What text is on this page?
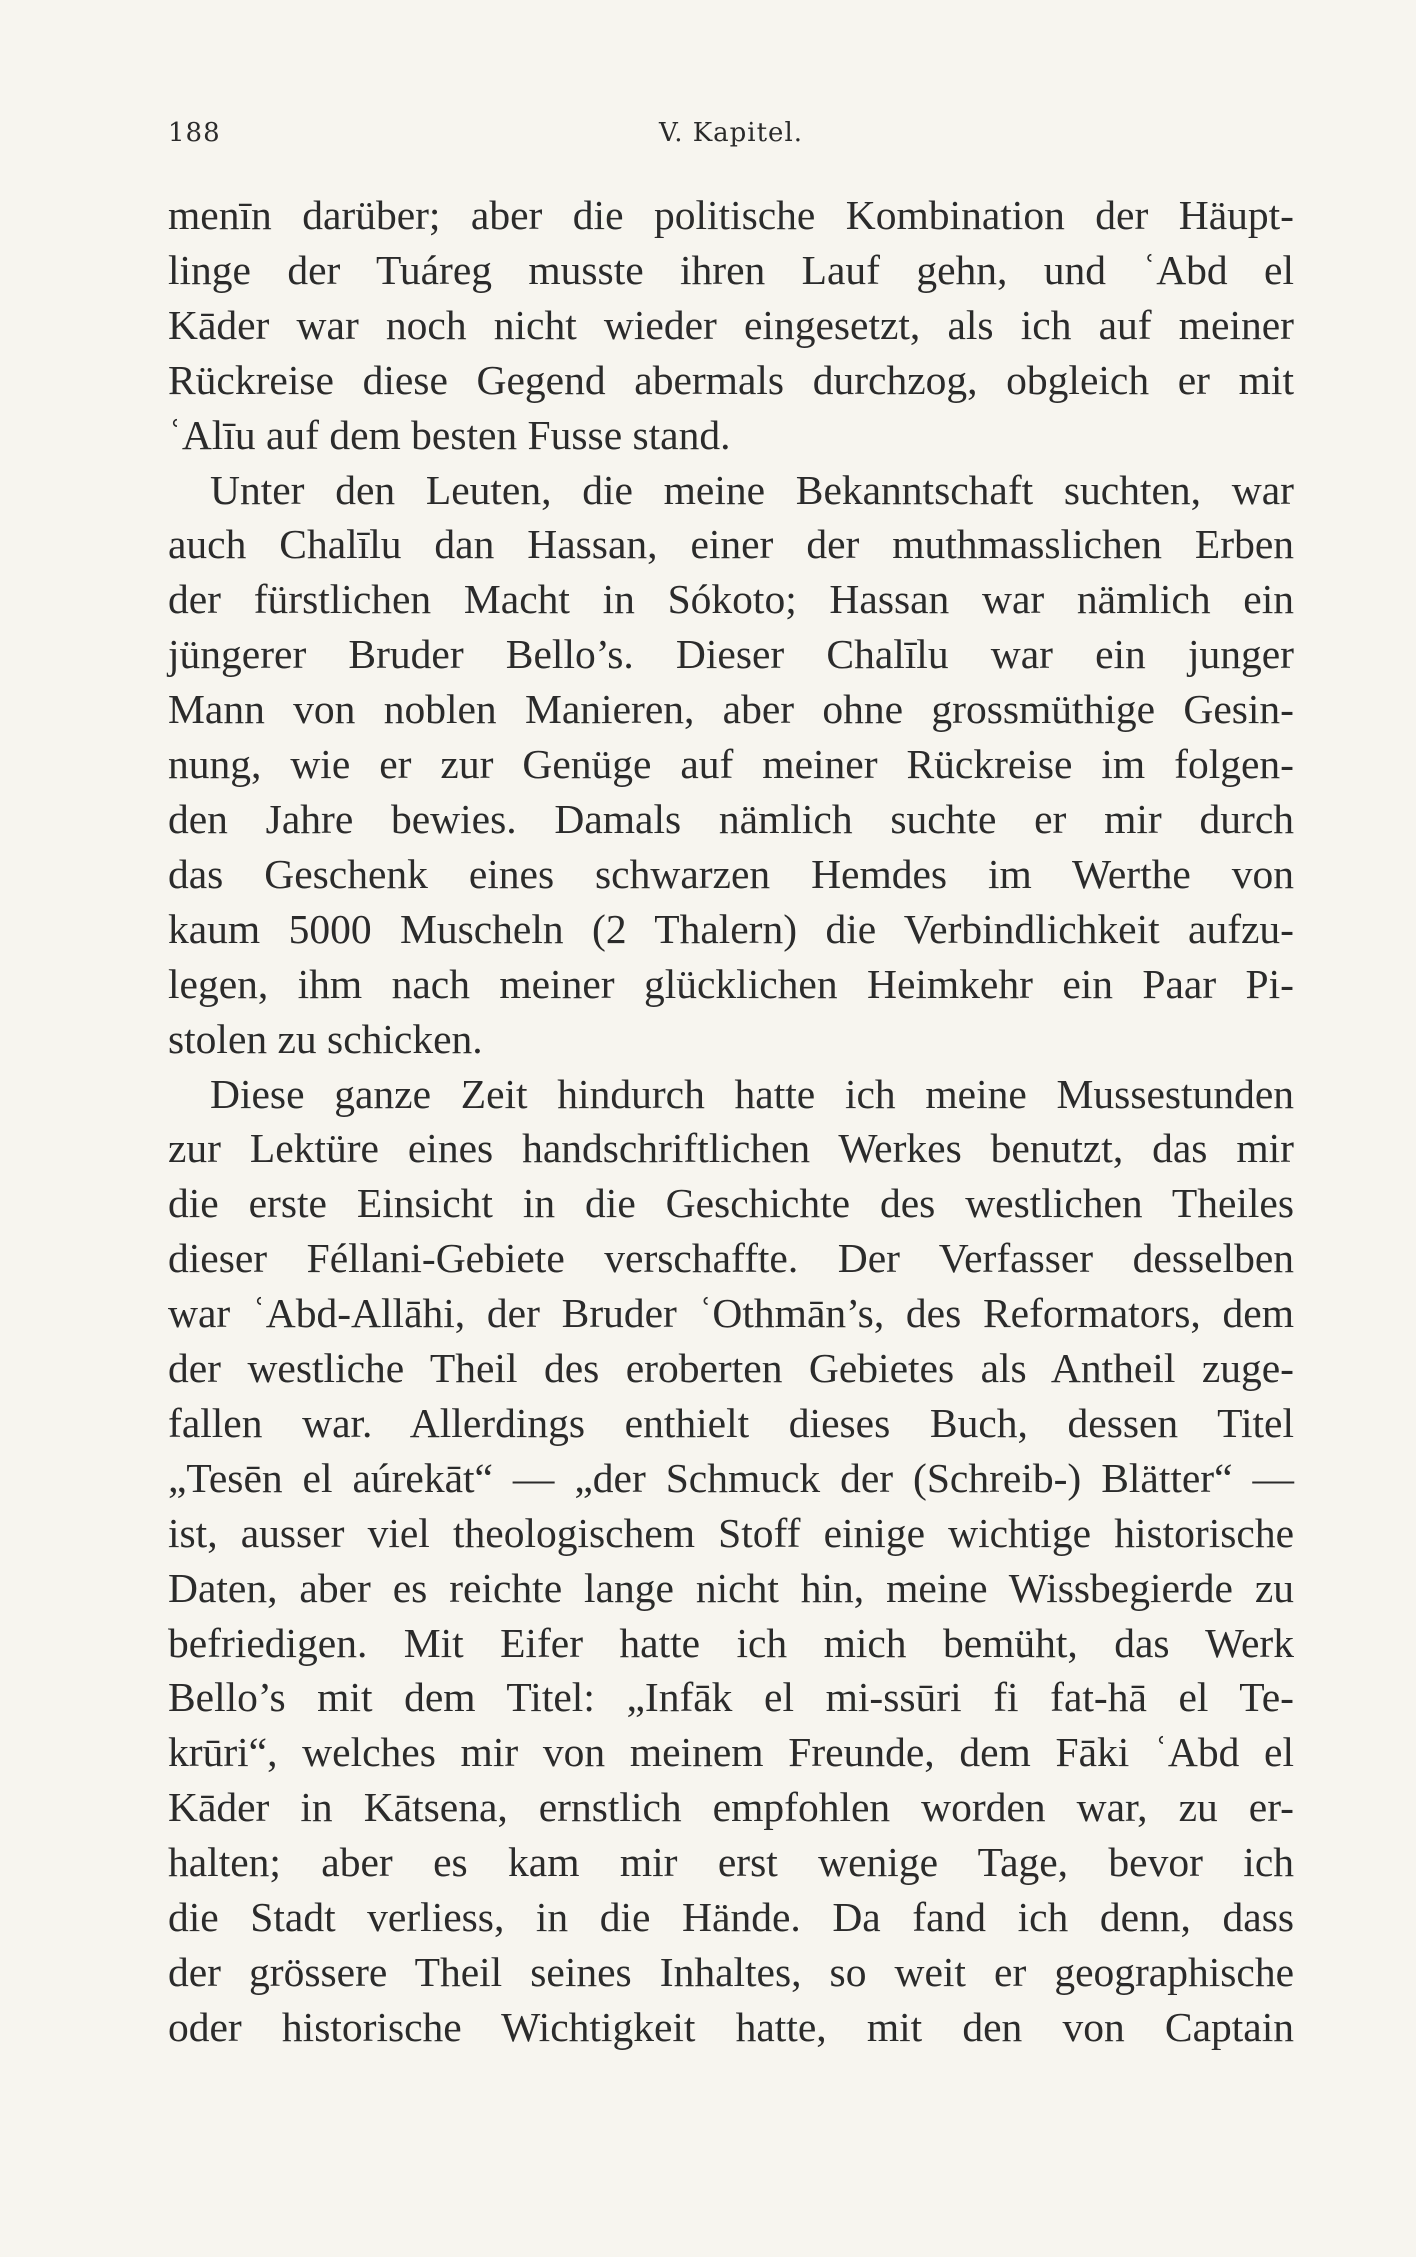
188	V. Kapitel.
menīn darüber; aber die politische Kombination der Häupt-
linge der Tuáreg musste ihren Lauf gehn, und ʿAbd el
Kāder war noch nicht wieder eingesetzt, als ich auf meiner
Rückreise diese Gegend abermals durchzog, obgleich er mit
ʿAlīu auf dem besten Fusse stand.
Unter den Leuten, die meine Bekanntschaft suchten, war
auch Chalīlu dan Hassan, einer der muthmasslichen Erben
der fürstlichen Macht in Sókoto; Hassan war nämlich ein
jüngerer Bruder Bello’s. Dieser Chalīlu war ein junger
Mann von noblen Manieren, aber ohne grossmüthige Gesin-
nung, wie er zur Genüge auf meiner Rückreise im folgen-
den Jahre bewies. Damals nämlich suchte er mir durch
das Geschenk eines schwarzen Hemdes im Werthe von
kaum 5000 Muscheln (2 Thalern) die Verbindlichkeit aufzu-
legen, ihm nach meiner glücklichen Heimkehr ein Paar Pi-
stolen zu schicken.
Diese ganze Zeit hindurch hatte ich meine Mussestunden
zur Lektüre eines handschriftlichen Werkes benutzt, das mir
die erste Einsicht in die Geschichte des westlichen Theiles
dieser Féllani-Gebiete verschaffte. Der Verfasser desselben
war ʿAbd-Allāhi, der Bruder ʿOthmān’s, des Reformators, dem
der westliche Theil des eroberten Gebietes als Antheil zuge-
fallen war. Allerdings enthielt dieses Buch, dessen Titel
„Tesēn el aúrekāt“ — „der Schmuck der (Schreib-) Blätter“ —
ist, ausser viel theologischem Stoff einige wichtige historische
Daten, aber es reichte lange nicht hin, meine Wissbegierde zu
befriedigen. Mit Eifer hatte ich mich bemüht, das Werk
Bello’s mit dem Titel: „Infāk el mi-ssūri fi fat-hā el Te-
krūri“, welches mir von meinem Freunde, dem Fāki ʿAbd el
Kāder in Kātsena, ernstlich empfohlen worden war, zu er-
halten; aber es kam mir erst wenige Tage, bevor ich
die Stadt verliess, in die Hände. Da fand ich denn, dass
der grössere Theil seines Inhaltes, so weit er geographische
oder historische Wichtigkeit hatte, mit den von Captain
